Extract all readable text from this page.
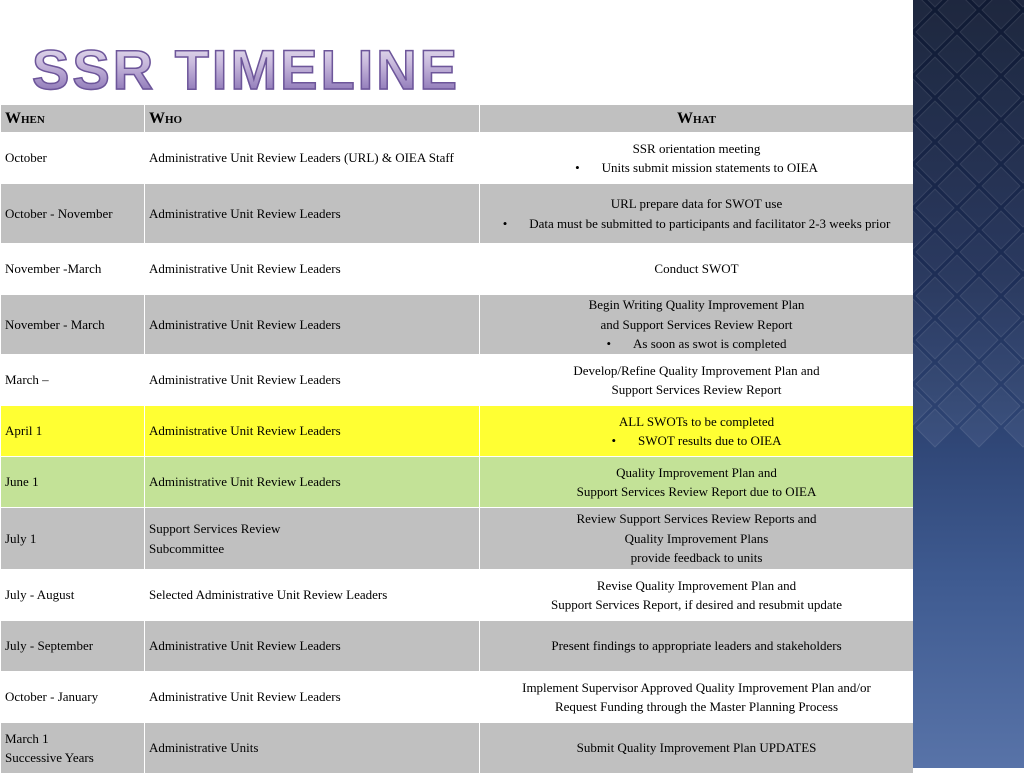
SSR TIMELINE
When	Who	What

October	Administrative Unit Review Leaders (URL) & OIEA Staff	SSR orientation meeting
• Units submit mission statements to OIEA

October - November	Administrative Unit Review Leaders	URL prepare data for SWOT use
• Data must be submitted to participants and facilitator 2-3 weeks prior

November -March	Administrative Unit Review Leaders	Conduct SWOT

November - March	Administrative Unit Review Leaders	Begin Writing Quality Improvement Plan
and Support Services Review Report
• As soon as swot is completed

March –	Administrative Unit Review Leaders	Develop/Refine Quality Improvement Plan and
Support Services Review Report

April 1	Administrative Unit Review Leaders	ALL SWOTs to be completed
• SWOT results due to OIEA

June 1	Administrative Unit Review Leaders	Quality Improvement Plan and
Support Services Review Report due to OIEA

July 1	Support Services Review
Subcommittee	Review Support Services Review Reports and
Quality Improvement Plans
provide feedback to units

July - August	Selected Administrative Unit Review Leaders	Revise Quality Improvement Plan and
Support Services Report, if desired and resubmit update

July - September	Administrative Unit Review Leaders	Present findings to appropriate leaders and stakeholders

October - January	Administrative Unit Review Leaders	Implement Supervisor Approved Quality Improvement Plan and/or
Request Funding through the Master Planning Process

March 1
Successive Years	Administrative Units	Submit Quality Improvement Plan UPDATES
